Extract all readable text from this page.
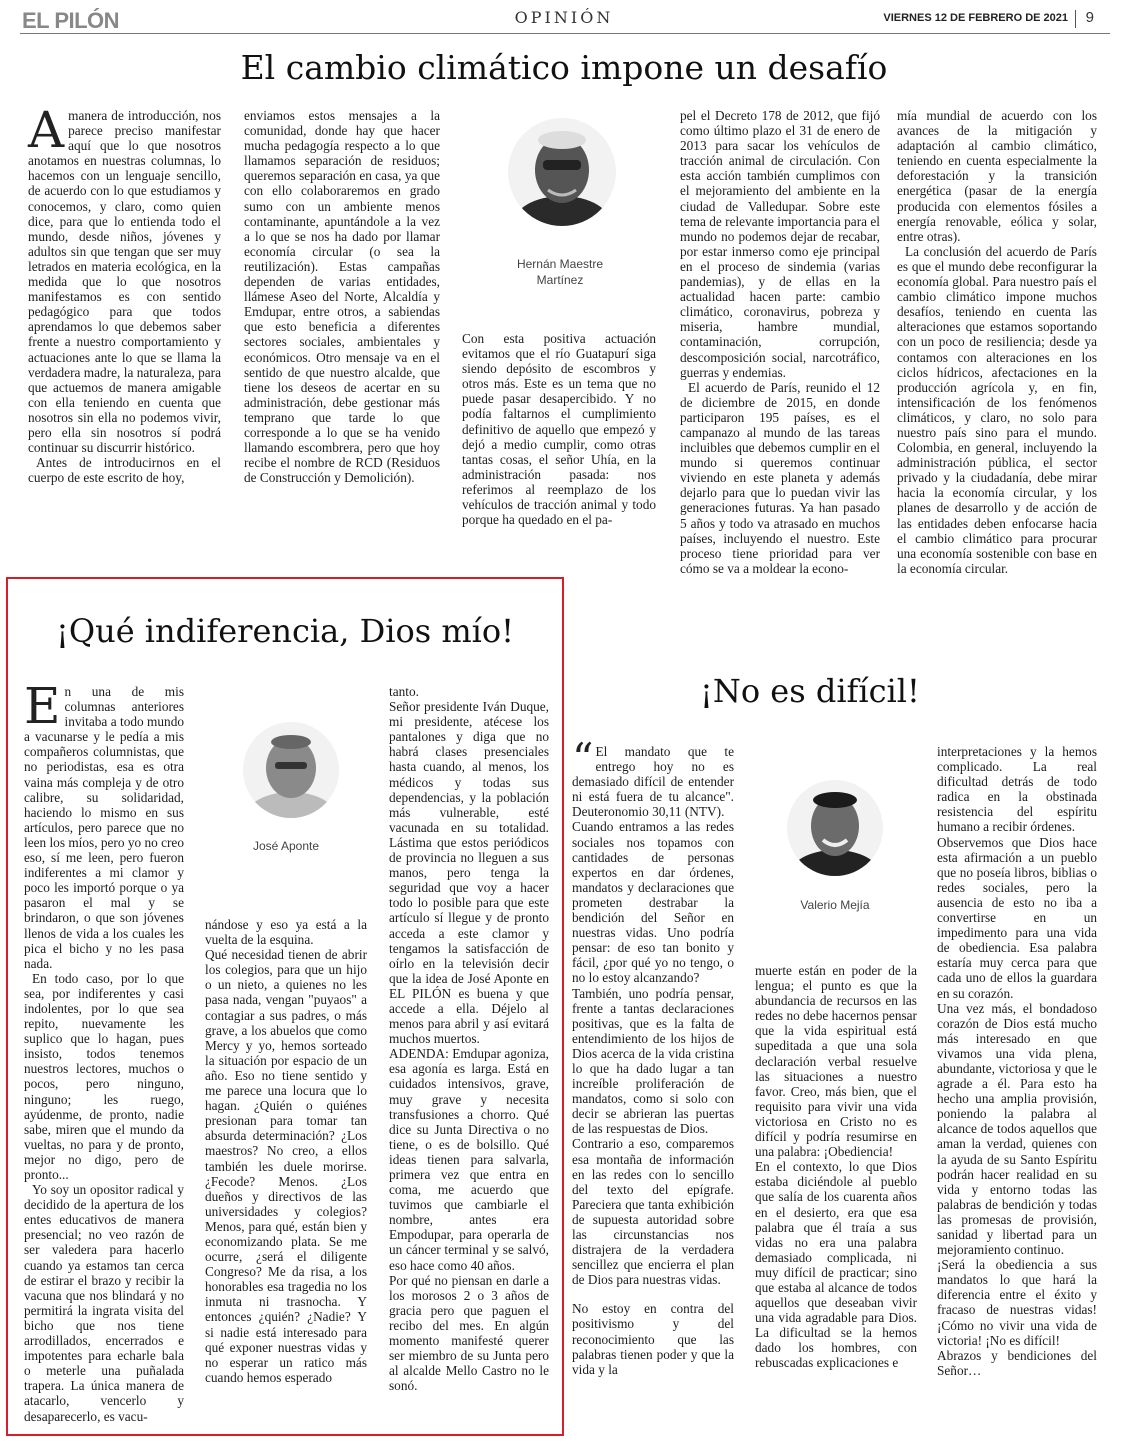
EL PILÓN	OPINIÓN	VIERNES 12 DE FEBRERO DE 2021 9
El cambio climático impone un desafío
A manera de introducción, nos parece preciso manifestar aquí que lo que nosotros anotamos en nuestras columnas, lo hacemos con un lenguaje sencillo, de acuerdo con lo que estudiamos y conocemos, y claro, como quien dice, para que lo entienda todo el mundo, desde niños, jóvenes y adultos sin que tengan que ser muy letrados en materia ecológica, en la medida que lo que nosotros manifestamos es con sentido pedagógico para que todos aprendamos lo que debemos saber frente a nuestro comportamiento y actuaciones ante lo que se llama la verdadera madre, la naturaleza, para que actuemos de manera amigable con ella teniendo en cuenta que nosotros sin ella no podemos vivir, pero ella sin nosotros sí podrá continuar su discurrir histórico.

Antes de introducirnos en el cuerpo de este escrito de hoy,

enviamos estos mensajes a la comunidad, donde hay que hacer mucha pedagogía respecto a lo que llamamos separación de residuos; queremos separación en casa, ya que con ello colaboraremos en grado sumo con un ambiente menos contaminante, apuntándole a la vez a lo que se nos ha dado por llamar economía circular (o sea la reutilización). Estas campañas dependen de varias entidades, llámese Aseo del Norte, Alcaldía y Emdupar, entre otros, a sabiendas que esto beneficia a diferentes sectores sociales, ambientales y económicos. Otro mensaje va en el sentido de que nuestro alcalde, que tiene los deseos de acertar en su administración, debe gestionar más temprano que tarde lo que corresponde a lo que se ha venido llamando escombrera, pero que hoy recibe el nombre de RCD (Residuos de Construcción y Demolición).

Hernán Maestre
Martínez

Con esta positiva actuación evitamos que el río Guatapurí siga siendo depósito de escombros y otros más. Este es un tema que no puede pasar desapercibido. Y no podía faltarnos el cumplimiento definitivo de aquello que empezó y dejó a medio cumplir, como otras tantas cosas, el señor Uhía, en la administración pasada: nos referimos al reemplazo de los vehículos de tracción animal y todo porque ha quedado en el pa-

pel el Decreto 178 de 2012, que fijó como último plazo el 31 de enero de 2013 para sacar los vehículos de tracción animal de circulación. Con esta acción también cumplimos con el mejoramiento del ambiente en la ciudad de Valledupar. Sobre este tema de relevante importancia para el mundo no podemos dejar de recabar, por estar inmerso como eje principal en el proceso de sindemia (varias pandemias), y de ellas en la actualidad hacen parte: cambio climático, coronavirus, pobreza y miseria, hambre mundial, contaminación, corrupción, descomposición social, narcotráfico, guerras y endemias.

El acuerdo de París, reunido el 12 de diciembre de 2015, en donde participaron 195 países, es el campanazo al mundo de las tareas incluibles que debemos cumplir en el mundo si queremos continuar viviendo en este planeta y además dejarlo para que lo puedan vivir las generaciones futuras. Ya han pasado 5 años y todo va atrasado en muchos países, incluyendo el nuestro. Este proceso tiene prioridad para ver cómo se va a moldear la econo-

mía mundial de acuerdo con los avances de la mitigación y adaptación al cambio climático, teniendo en cuenta especialmente la deforestación y la transición energética (pasar de la energía producida con elementos fósiles a energía renovable, eólica y solar, entre otras).

La conclusión del acuerdo de París es que el mundo debe reconfigurar la economía global. Para nuestro país el cambio climático impone muchos desafíos, teniendo en cuenta las alteraciones que estamos soportando con un poco de resiliencia; desde ya contamos con alteraciones en los ciclos hídricos, afectaciones en la producción agrícola y, en fin, intensificación de los fenómenos climáticos, y claro, no solo para nuestro país sino para el mundo. Colombia, en general, incluyendo la administración pública, el sector privado y la ciudadanía, debe mirar hacia la economía circular, y los planes de desarrollo y de acción de las entidades deben enfocarse hacia el cambio climático para procurar una economía sostenible con base en la economía circular.

¡Qué indiferencia, Dios mío!
E n una de mis columnas anteriores invitaba a todo mundo a vacunarse y le pedía a mis compañeros columnistas, que no periodistas, esa es otra vaina más compleja y de otro calibre, su solidaridad, haciendo lo mismo en sus artículos, pero parece que no leen los míos, pero yo no creo eso, sí me leen, pero fueron indiferentes a mi clamor y poco les importó porque o ya pasaron el mal y se brindaron, o que son jóvenes llenos de vida a los cuales les pica el bicho y no les pasa nada.

En todo caso, por lo que sea, por indiferentes y casi indolentes, por lo que sea repito, nuevamente les suplico que lo hagan, pues insisto, todos tenemos nuestros lectores, muchos o pocos, pero ninguno, ninguno; les ruego, ayúdenme, de pronto, nadie sabe, miren que el mundo da vueltas, no para y de pronto, mejor no digo, pero de pronto...

Yo soy un opositor radical y decidido de la apertura de los entes educativos de manera presencial; no veo razón de ser valedera para hacerlo cuando ya estamos tan cerca de estirar el brazo y recibir la vacuna que nos blindará y no permitirá la ingrata visita del bicho que nos tiene arrodillados, encerrados e impotentes para echarle bala o meterle una puñalada trapera. La única manera de atacarlo, vencerlo y desaparecerlo, es vacu-

José Aponte

nándose y eso ya está a la vuelta de la esquina.

Qué necesidad tienen de abrir los colegios, para que un hijo o un nieto, a quienes no les pasa nada, vengan "puyaos" a contagiar a sus padres, o más grave, a los abuelos que como Mercy y yo, hemos sorteado la situación por espacio de un año. Eso no tiene sentido y me parece una locura que lo hagan. ¿Quién o quiénes presionan para tomar tan absurda determinación? ¿Los maestros? No creo, a ellos también les duele morirse. ¿Fecode? Menos. ¿Los dueños y directivos de las universidades y colegios? Menos, para qué, están bien y economizando plata. Se me ocurre, ¿será el diligente Congreso? Me da risa, a los honorables esa tragedia no los inmuta ni trasnocha. Y entonces ¿quién? ¿Nadie? Y si nadie está interesado para qué exponer nuestras vidas y no esperar un ratico más cuando hemos esperado

tanto.

Señor presidente Iván Duque, mi presidente, atécese los pantalones y diga que no habrá clases presenciales hasta cuando, al menos, los médicos y todas sus dependencias, y la población más vulnerable, esté vacunada en su totalidad. Lástima que estos periódicos de provincia no lleguen a sus manos, pero tenga la seguridad que voy a hacer todo lo posible para que este artículo sí llegue y de pronto acceda a este clamor y tengamos la satisfacción de oírlo en la televisión decir que la idea de José Aponte en EL PILÓN es buena y que accede a ella. Déjelo al menos para abril y así evitará muchos muertos.

ADENDA: Emdupar agoniza, esa agonía es larga. Está en cuidados intensivos, grave, muy grave y necesita transfusiones a chorro. Qué dice su Junta Directiva o no tiene, o es de bolsillo. Qué ideas tienen para salvarla, primera vez que entra en coma, me acuerdo que tuvimos que cambiarle el nombre, antes era Empodupar, para operarla de un cáncer terminal y se salvó, eso hace como 40 años.

Por qué no piensan en darle a los morosos 2 o 3 años de gracia pero que paguen el recibo del mes. En algún momento manifesté querer ser miembro de su Junta pero al alcalde Mello Castro no le sonó.

¡No es difícil!
“ El mandato que te entrego hoy no es demasiado difícil de entender ni está fuera de tu alcance". Deuteronomio 30,11 (NTV).

Cuando entramos a las redes sociales nos topamos con cantidades de personas expertos en dar órdenes, mandatos y declaraciones que prometen destrabar la bendición del Señor en nuestras vidas. Uno podría pensar: de eso tan bonito y fácil, ¿por qué yo no tengo, o no lo estoy alcanzando?

También, uno podría pensar, frente a tantas declaraciones positivas, que es la falta de entendimiento de los hijos de Dios acerca de la vida cristina lo que ha dado lugar a tan increíble proliferación de mandatos, como si solo con decir se abrieran las puertas de las respuestas de Dios.

Contrario a eso, comparemos esa montaña de información en las redes con lo sencillo del texto del epígrafe. Pareciera que tanta exhibición de supuesta autoridad sobre las circunstancias nos distrajera de la verdadera sencillez que encierra el plan de Dios para nuestras vidas.

No estoy en contra del positivismo y del reconocimiento que las palabras tienen poder y que la vida y la

Valerio Mejía

muerte están en poder de la lengua; el punto es que la abundancia de recursos en las redes no debe hacernos pensar que la vida espiritual está supeditada a que una sola declaración verbal resuelve las situaciones a nuestro favor. Creo, más bien, que el requisito para vivir una vida victoriosa en Cristo no es difícil y podría resumirse en una palabra: ¡Obediencia!

En el contexto, lo que Dios estaba diciéndole al pueblo que salía de los cuarenta años en el desierto, era que esa palabra que él traía a sus vidas no era una palabra demasiado complicada, ni muy difícil de practicar; sino que estaba al alcance de todos aquellos que deseaban vivir una vida agradable para Dios. La dificultad se la hemos dado los hombres, con rebuscadas explicaciones e

interpretaciones y la hemos complicado. La real dificultad detrás de todo radica en la obstinada resistencia del espíritu humano a recibir órdenes.

Observemos que Dios hace esta afirmación a un pueblo que no poseía libros, biblias o redes sociales, pero la ausencia de esto no iba a convertirse en un impedimento para una vida de obediencia. Esa palabra estaría muy cerca para que cada uno de ellos la guardara en su corazón.

Una vez más, el bondadoso corazón de Dios está mucho más interesado en que vivamos una vida plena, abundante, victoriosa y que le agrade a él. Para esto ha hecho una amplia provisión, poniendo la palabra al alcance de todos aquellos que aman la verdad, quienes con la ayuda de su Santo Espíritu podrán hacer realidad en su vida y entorno todas las palabras de bendición y todas las promesas de provisión, sanidad y libertad para un mejoramiento continuo.

¡Será la obediencia a sus mandatos lo que hará la diferencia entre el éxito y fracaso de nuestras vidas! ¡Cómo no vivir una vida de victoria! ¡No es difícil!

Abrazos y bendiciones del Señor…
